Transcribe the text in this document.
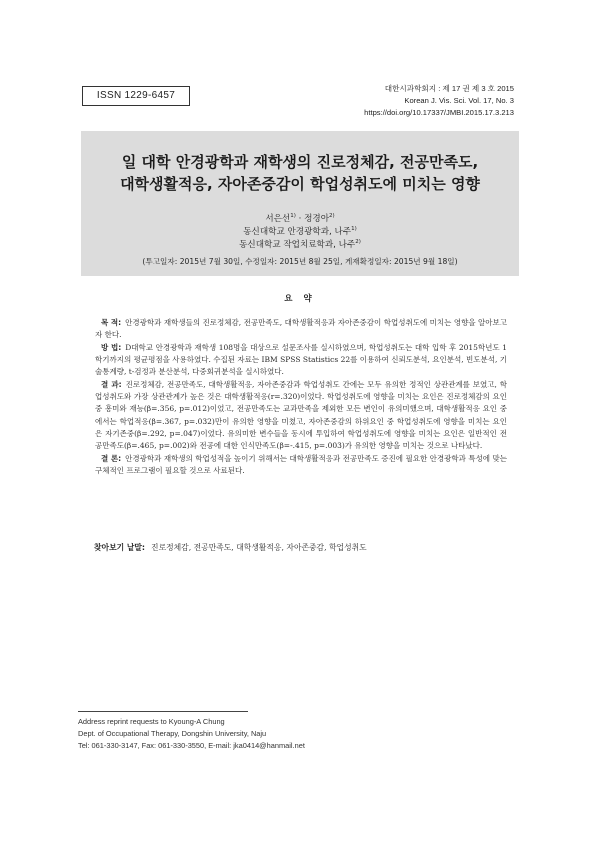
ISSN 1229-6457
대한시과학회지 : 제 17 권 제 3 호 2015
Korean J. Vis. Sci. Vol. 17, No. 3
https://doi.org/10.17337/JMBI.2015.17.3.213
일 대학 안경광학과 재학생의 진로정체감, 전공만족도,
대학생활적응, 자아존중감이 학업성취도에 미치는 영향
서은선$^{1)}$ · 정경아$^{2)}$
동신대학교 안경광학과, 나주$^{1)}$
동신대학교 작업치료학과, 나주$^{2)}$
(투고일자: 2015년 7월 30일, 수정일자: 2015년 8월 25일, 게재확정일자: 2015년 9월 18일)
요 약

목 적: 안경광학과 재학생들의 진로정체감, 전공만족도, 대학생활적응과 자아존중감이 학업성취도에 미치는 영향을 알아보고자 한다.

방 법: D대학교 안경광학과 재학생 108명을 대상으로 설문조사를 실시하였으며, 학업성취도는 대학 입학 후 2015학년도 1학기까지의 평균평점을 사용하였다. 수집된 자료는 IBM SPSS Statistics 22를 이용하여 신뢰도분석, 요인분석, 빈도분석, 기술통계량, t-검정과 분산분석, 다중회귀분석을 실시하였다.

결 과: 진로정체감, 전공만족도, 대학생활적응, 자아존중감과 학업성취도 간에는 모두 유의한 정적인 상관관계를 보였고, 학업성취도와 가장 상관관계가 높은 것은 대학생활적응(r=.320)이었다. 학업성취도에 영향을 미치는 요인은 진로정체감의 요인 중 흥미와 재능(β=.356, p=.012)이었고, 전공만족도는 교과만족을 제외한 모든 변인이 유의미했으며, 대학생활적응 요인 중에서는 학업적응(β=.367, p=.032)만이 유의한 영향을 미쳤고, 자아존중감의 하위요인 중 학업성취도에 영향을 미치는 요인은 자기존중(β=.292, p=.047)이었다. 유의미한 변수들을 동시에 투입하여 학업성취도에 영향을 미치는 요인은 일반적인 전공만족도(β=.465, p=.002)와 전공에 대한 인식만족도(β=-.415, p=.003)가 유의한 영향을 미치는 것으로 나타났다.

결 론: 안경광학과 재학생의 학업성적을 높이기 위해서는 대학생활적응과 전공만족도 증진에 필요한 안경광학과 특성에 맞는 구체적인 프로그램이 필요할 것으로 사료된다.

찾아보기 낱말: 진로정체감, 전공만족도, 대학생활적응, 자아존중감, 학업성취도
Address reprint requests to Kyoung-A Chung
Dept. of Occupational Therapy, Dongshin University, Naju
Tel: 061-330-3147, Fax: 061-330-3550, E-mail: jka0414@hanmail.net
